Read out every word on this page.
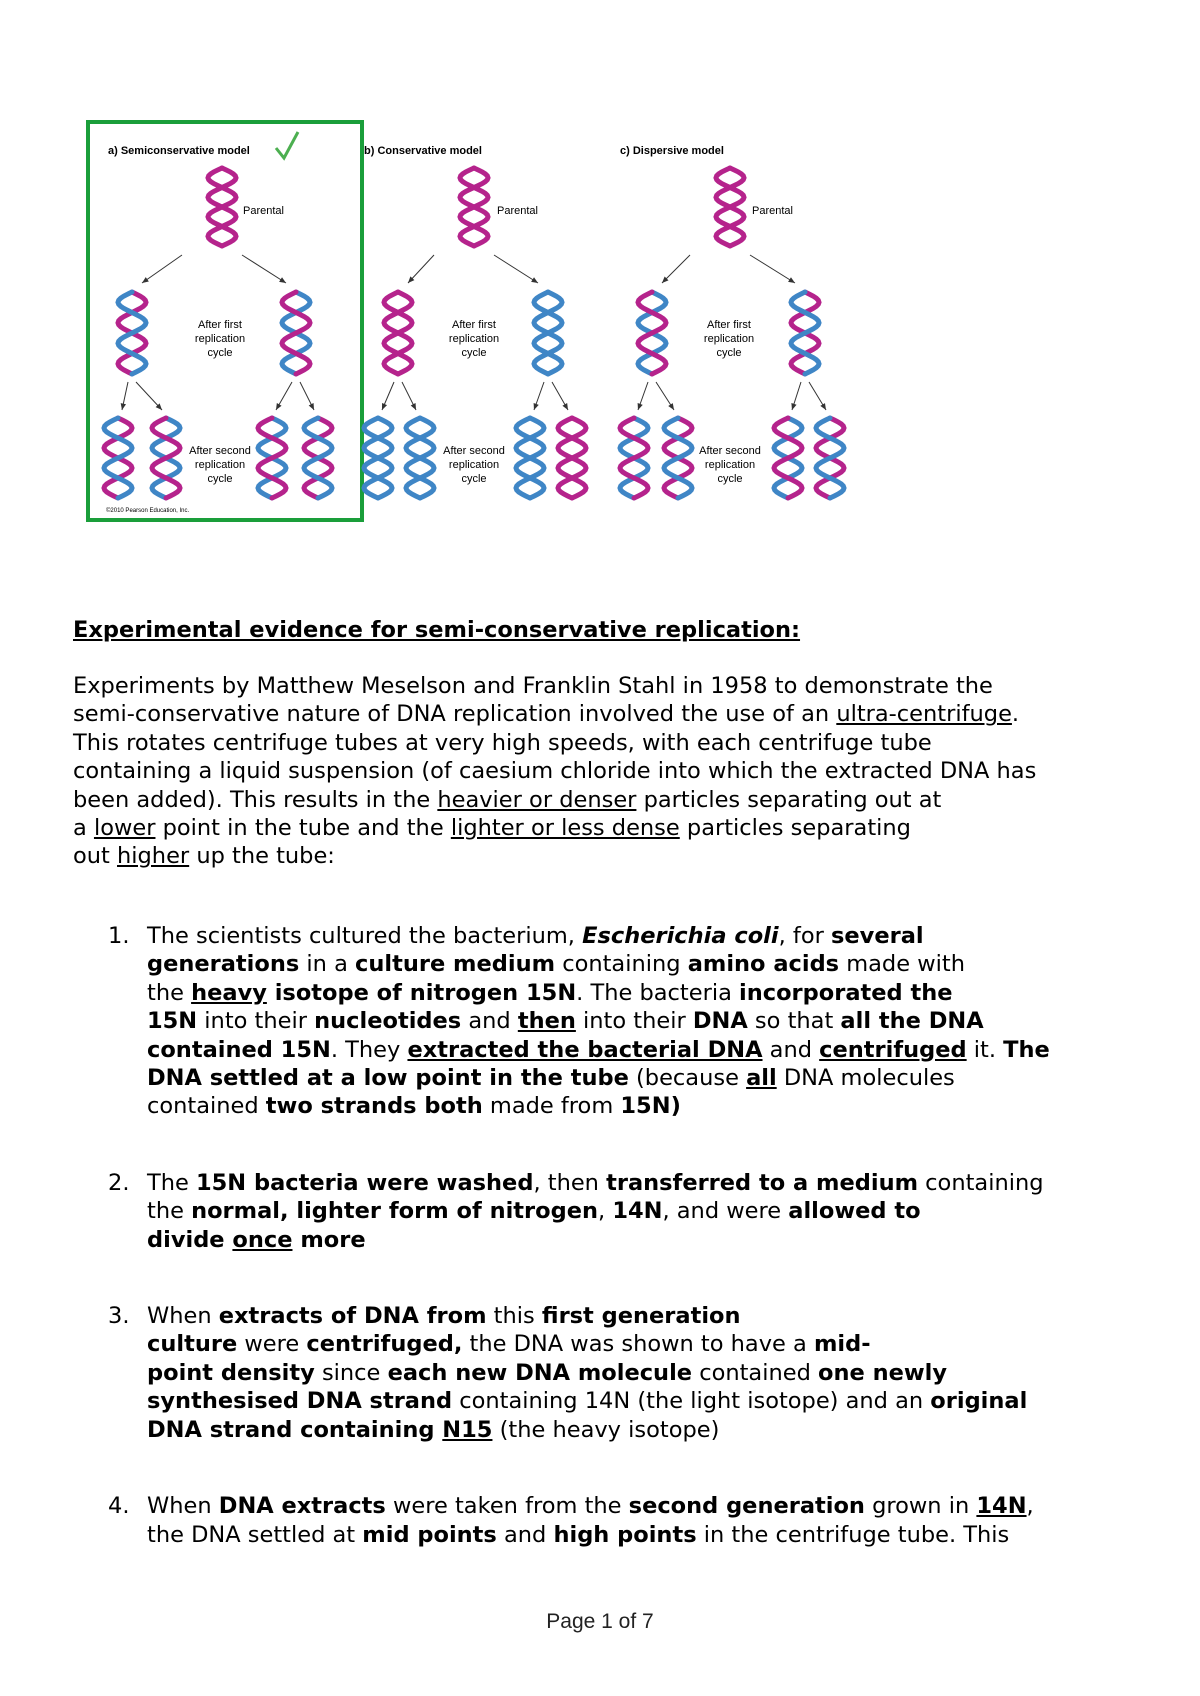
a) Semiconservative model	b) Conservative model	c) Dispersive model
Parental	Parental	Parental
After first
replication
cycle
After first
replication
cycle
After first
replication
cycle
After second
replication
cycle
After second
replication
cycle
After second
replication
cycle
©2010 Pearson Education, Inc.
Experimental evidence for semi-conservative replication:
Experiments by Matthew Meselson and Franklin Stahl in 1958 to demonstrate the
semi-conservative nature of DNA replication involved the use of an ultra-centrifuge.
This rotates centrifuge tubes at very high speeds, with each centrifuge tube
containing a liquid suspension (of caesium chloride into which the extracted DNA has
been added). This results in the heavier or denser particles separating out at
a lower point in the tube and the lighter or less dense particles separating
out higher up the tube:
1. The scientists cultured the bacterium, Escherichia coli, for several
generations in a culture medium containing amino acids made with
the heavy isotope of nitrogen 15N. The bacteria incorporated the
15N into their nucleotides and then into their DNA so that all the DNA
contained 15N. They extracted the bacterial DNA and centrifuged it. The
DNA settled at a low point in the tube (because all DNA molecules
contained two strands both made from 15N)
2. The 15N bacteria were washed, then transferred to a medium containing
the normal, lighter form of nitrogen, 14N, and were allowed to
divide once more
3. When extracts of DNA from this first generation
culture were centrifuged, the DNA was shown to have a mid-
point density since each new DNA molecule contained one newly
synthesised DNA strand containing 14N (the light isotope) and an original
DNA strand containing N15 (the heavy isotope)
4. When DNA extracts were taken from the second generation grown in 14N,
the DNA settled at mid points and high points in the centrifuge tube. This
Page 1 of 7
